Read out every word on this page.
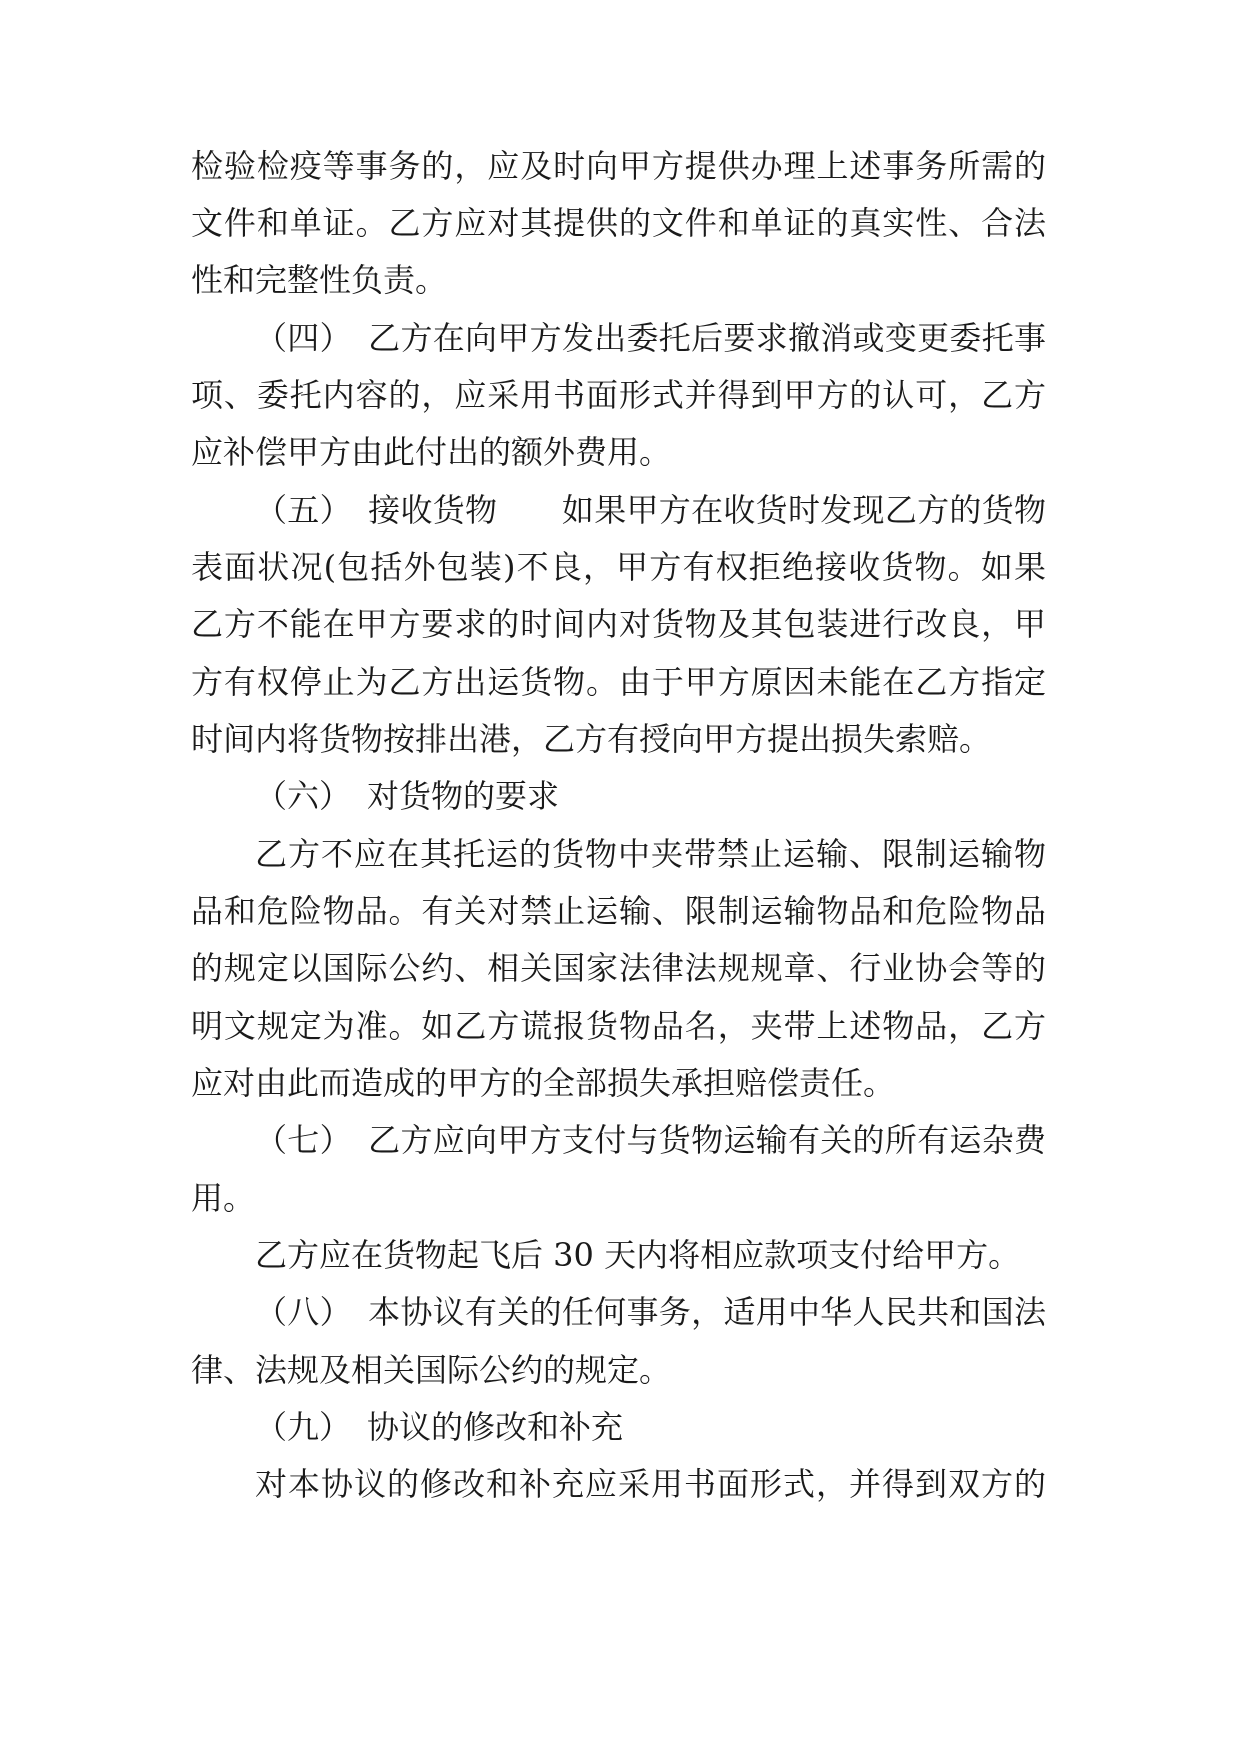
检验检疫等事务的，应及时向甲方提供办理上述事务所需的
文件和单证。乙方应对其提供的文件和单证的真实性、合法
性和完整性负责。
（四）　乙方在向甲方发出委托后要求撤消或变更委托事
项、委托内容的，应采用书面形式并得到甲方的认可，乙方
应补偿甲方由此付出的额外费用。
（五）　接收货物　　如果甲方在收货时发现乙方的货物
表面状况(包括外包装)不良，甲方有权拒绝接收货物。如果
乙方不能在甲方要求的时间内对货物及其包装进行改良，甲
方有权停止为乙方出运货物。由于甲方原因未能在乙方指定
时间内将货物按排出港，乙方有授向甲方提出损失索赔。
（六）　对货物的要求
乙方不应在其托运的货物中夹带禁止运输、限制运输物
品和危险物品。有关对禁止运输、限制运输物品和危险物品
的规定以国际公约、相关国家法律法规规章、行业协会等的
明文规定为准。如乙方谎报货物品名，夹带上述物品，乙方
应对由此而造成的甲方的全部损失承担赔偿责任。
（七）　乙方应向甲方支付与货物运输有关的所有运杂费
用。
乙方应在货物起飞后 30 天内将相应款项支付给甲方。
（八）　本协议有关的任何事务，适用中华人民共和国法
律、法规及相关国际公约的规定。
（九）　协议的修改和补充
对本协议的修改和补充应采用书面形式，并得到双方的
